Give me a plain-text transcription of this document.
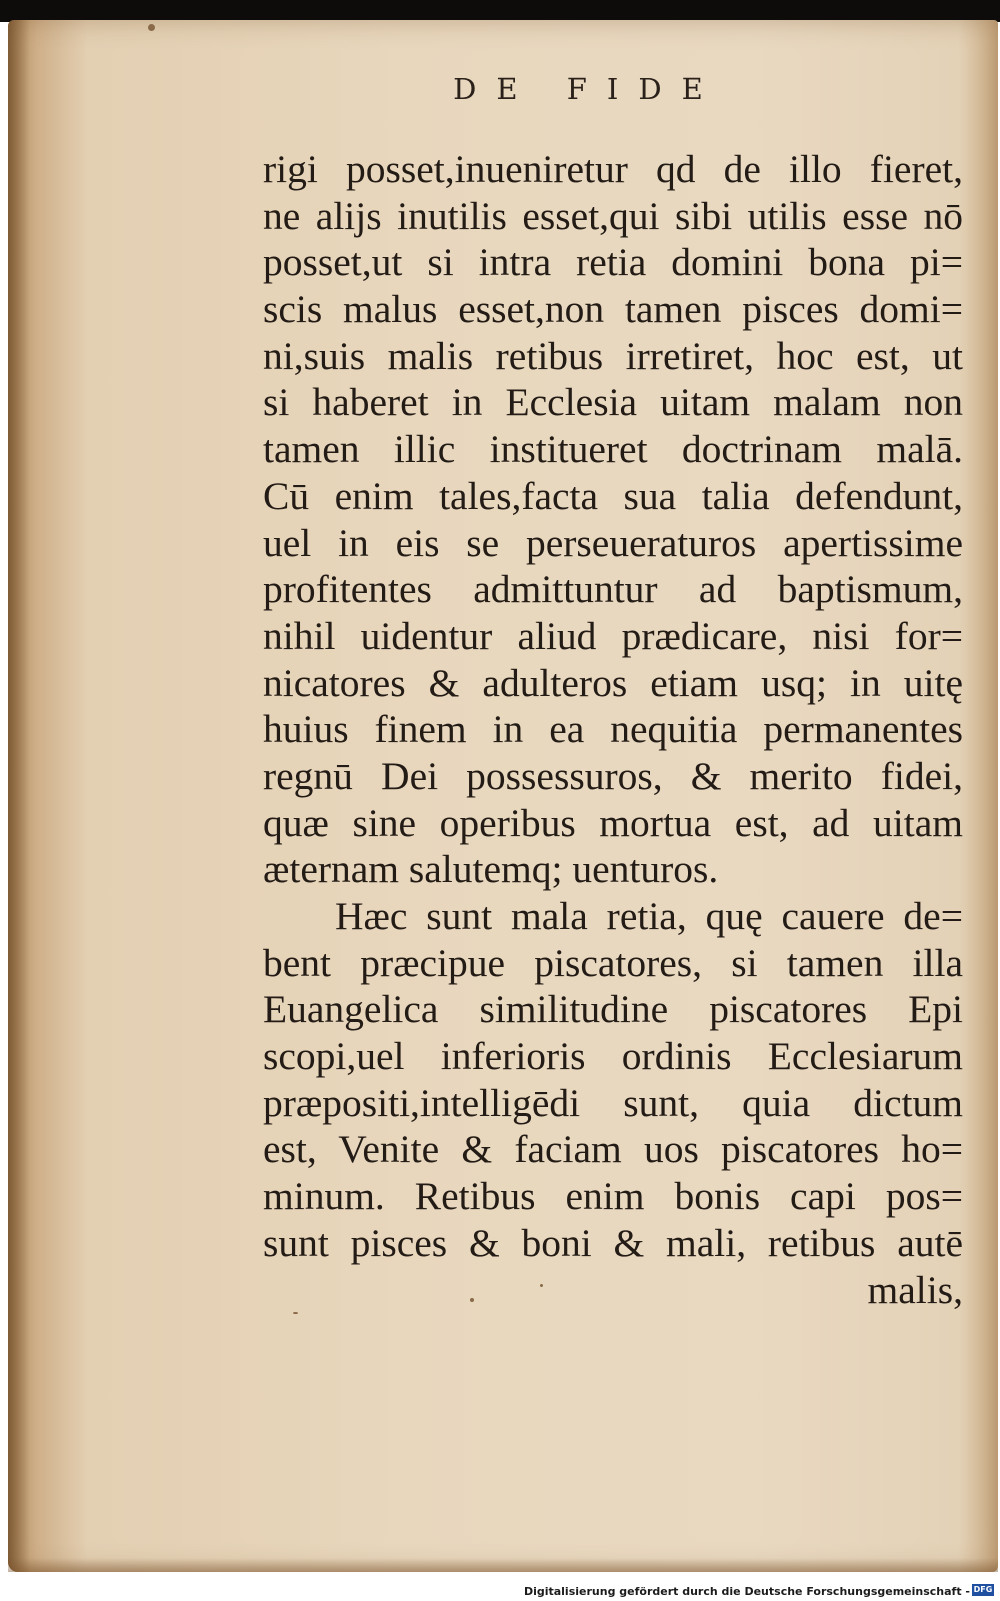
DE FIDE
rigi posset,inueniretur qd de illo fieret,
ne aliјs inutilis esset,qui sibi utilis esse nō
posset,ut si intra retia domini bona pi=
scis malus esset,non tamen pisces domi=
ni,suis malis retibus irretiret, hoc est, ut
si haberet in Ecclesia uitam malam non
tamen illic institueret doctrinam malā.
Cū enim tales,facta sua talia defendunt,
uel in eis se perseueraturos apertissime
profitentes admittuntur ad baptismum,
nihil uidentur aliud prædicare, nisi for=
nicatores & adulteros etiam usq; in uitę
huius finem in ea nequitia permanentes
regnū Dei possessuros, & merito fidei,
quæ sine operibus mortua est, ad uitam
æternam salutemq; uenturos.
Hæc sunt mala retia, quę cauere de=
bent præcipue piscatores, si tamen illa
Euangelica similitudine piscatores Epi
scopi,uel inferioris ordinis Ecclesiarum
præpositi,intelligēdi sunt, quia dictum
est, Venite & faciam uos piscatores ho=
minum. Retibus enim bonis capi pos=
sunt pisces & boni & mali, retibus autē
malis,
Digitalisierung gefördert durch die Deutsche Forschungsgemeinschaft - DFG
